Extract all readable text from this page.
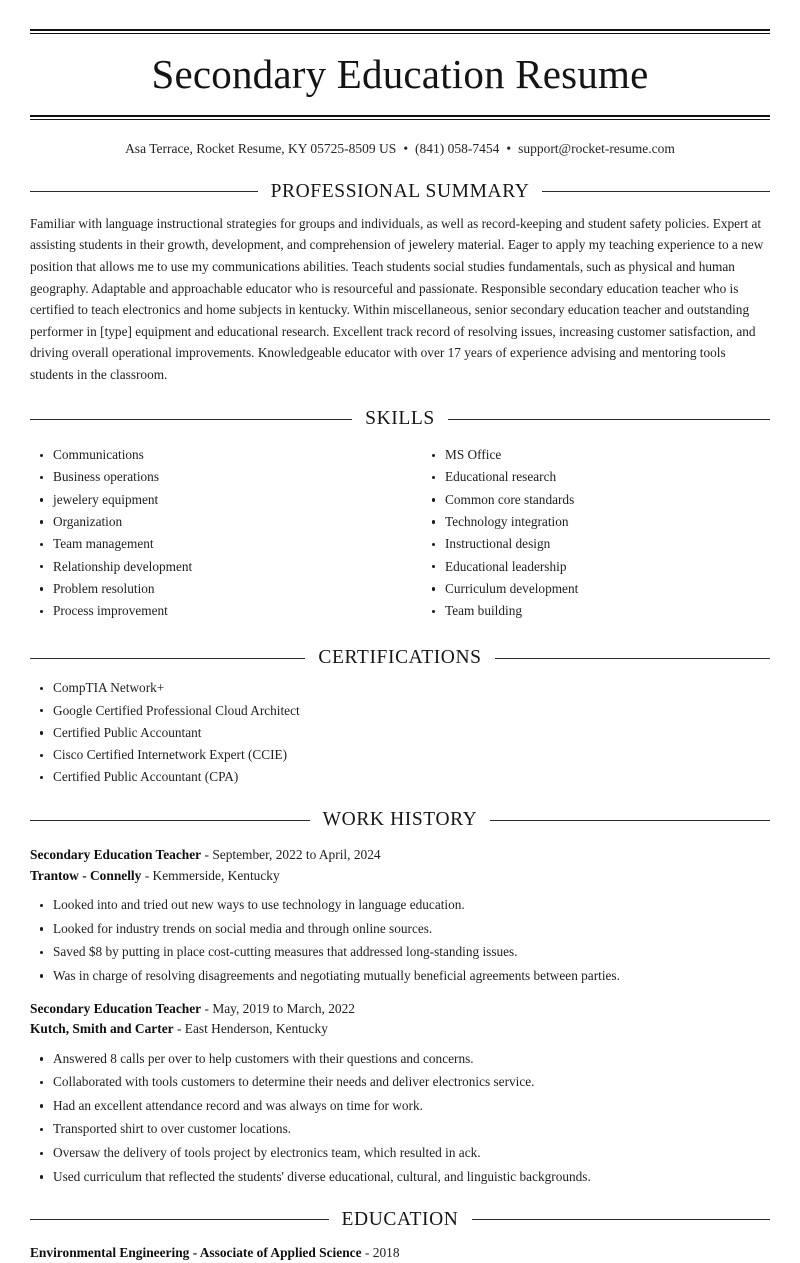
Secondary Education Resume
Asa Terrace, Rocket Resume, KY 05725-8509 US • (841) 058-7454 • support@rocket-resume.com
PROFESSIONAL SUMMARY

Familiar with language instructional strategies for groups and individuals, as well as record-keeping and student safety policies. Expert at assisting students in their growth, development, and comprehension of jewelery material. Eager to apply my teaching experience to a new position that allows me to use my communications abilities. Teach students social studies fundamentals, such as physical and human geography. Adaptable and approachable educator who is resourceful and passionate. Responsible secondary education teacher who is certified to teach electronics and home subjects in kentucky. Within miscellaneous, senior secondary education teacher and outstanding performer in [type] equipment and educational research. Excellent track record of resolving issues, increasing customer satisfaction, and driving overall operational improvements. Knowledgeable educator with over 17 years of experience advising and mentoring tools students in the classroom.

SKILLS
Communications
Business operations
jewelery equipment
Organization
Team management
Relationship development
Problem resolution
Process improvement
MS Office
Educational research
Common core standards
Technology integration
Instructional design
Educational leadership
Curriculum development
Team building
CERTIFICATIONS
CompTIA Network+
Google Certified Professional Cloud Architect
Certified Public Accountant
Cisco Certified Internetwork Expert (CCIE)
Certified Public Accountant (CPA)
WORK HISTORY
Secondary Education Teacher - September, 2022 to April, 2024
Trantow - Connelly - Kemmerside, Kentucky
Looked into and tried out new ways to use technology in language education.
Looked for industry trends on social media and through online sources.
Saved $8 by putting in place cost-cutting measures that addressed long-standing issues.
Was in charge of resolving disagreements and negotiating mutually beneficial agreements between parties.
Secondary Education Teacher - May, 2019 to March, 2022
Kutch, Smith and Carter - East Henderson, Kentucky
Answered 8 calls per over to help customers with their questions and concerns.
Collaborated with tools customers to determine their needs and deliver electronics service.
Had an excellent attendance record and was always on time for work.
Transported shirt to over customer locations.
Oversaw the delivery of tools project by electronics team, which resulted in ack.
Used curriculum that reflected the students' diverse educational, cultural, and linguistic backgrounds.
EDUCATION
Environmental Engineering - Associate of Applied Science - 2018
